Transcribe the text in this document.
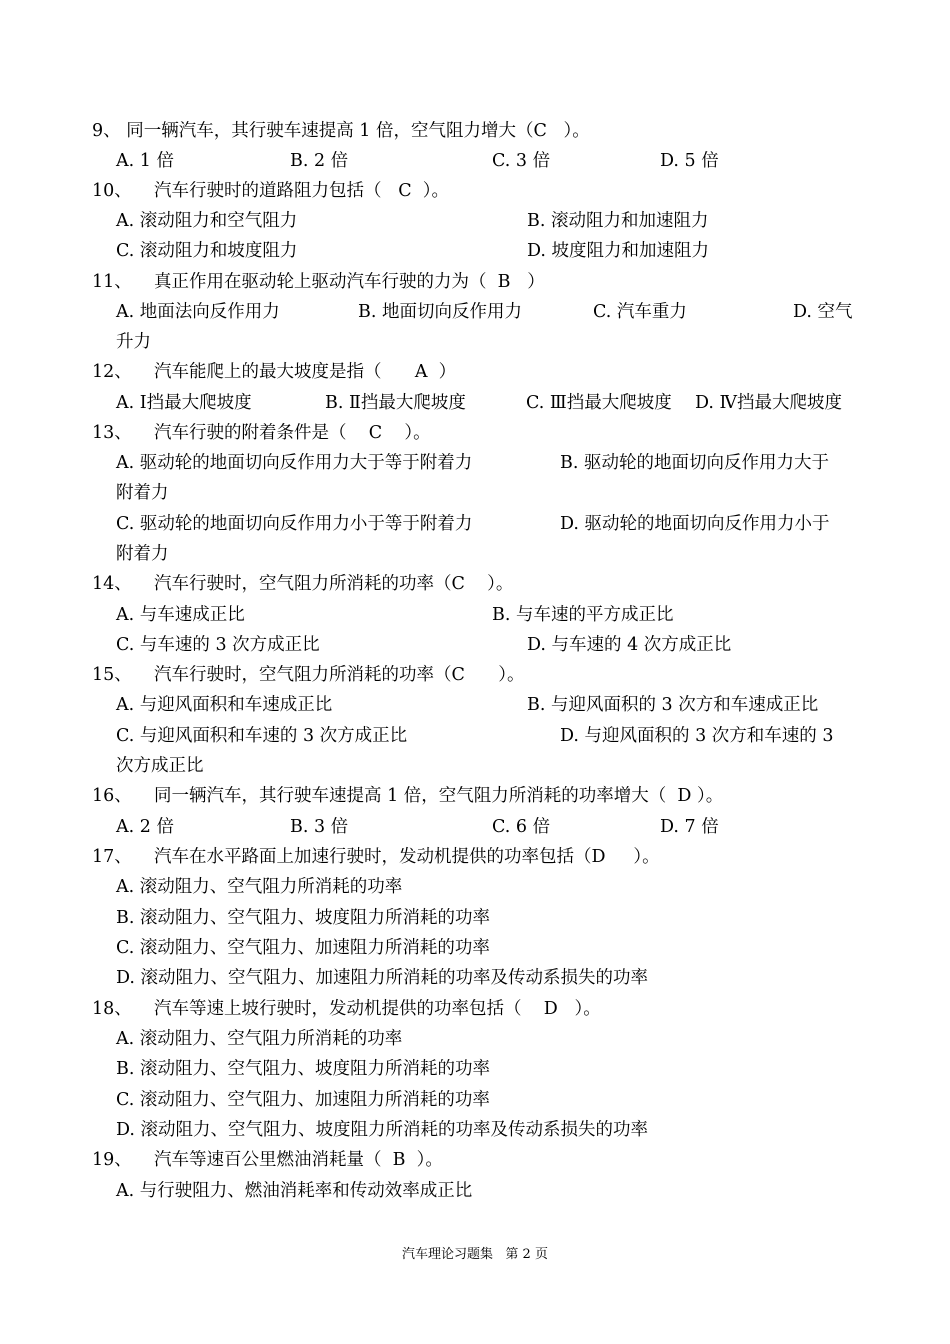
9、 同一辆汽车，其行驶车速提高 1 倍，空气阻力增大（C   ）。
A. 1 倍	B. 2 倍	C. 3 倍	D. 5 倍
10、    汽车行驶时的道路阻力包括（   C  ）。
A. 滚动阻力和空气阻力	B. 滚动阻力和加速阻力
C. 滚动阻力和坡度阻力	D. 坡度阻力和加速阻力
11、    真正作用在驱动轮上驱动汽车行驶的力为（  B   ）
A. 地面法向反作用力	B. 地面切向反作用力	C. 汽车重力	D. 空气
升力
12、    汽车能爬上的最大坡度是指（      A  ）
A. Ⅰ挡最大爬坡度	B. Ⅱ挡最大爬坡度	C. Ⅲ挡最大爬坡度 D. Ⅳ挡最大爬坡度
13、    汽车行驶的附着条件是（    C    ）。
A. 驱动轮的地面切向反作用力大于等于附着力	B. 驱动轮的地面切向反作用力大于
附着力
C. 驱动轮的地面切向反作用力小于等于附着力	D. 驱动轮的地面切向反作用力小于
附着力
14、    汽车行驶时，空气阻力所消耗的功率（C    ）。
A. 与车速成正比	B. 与车速的平方成正比
C. 与车速的 3 次方成正比	D. 与车速的 4 次方成正比
15、    汽车行驶时，空气阻力所消耗的功率（C      ）。
A. 与迎风面积和车速成正比	B. 与迎风面积的 3 次方和车速成正比
C. 与迎风面积和车速的 3 次方成正比	D. 与迎风面积的 3 次方和车速的 3
次方成正比
16、    同一辆汽车，其行驶车速提高 1 倍，空气阻力所消耗的功率增大（  D ）。
A. 2 倍	B. 3 倍	C. 6 倍	D. 7 倍
17、    汽车在水平路面上加速行驶时，发动机提供的功率包括（D     ）。
A. 滚动阻力、空气阻力所消耗的功率
B. 滚动阻力、空气阻力、坡度阻力所消耗的功率
C. 滚动阻力、空气阻力、加速阻力所消耗的功率
D. 滚动阻力、空气阻力、加速阻力所消耗的功率及传动系损失的功率
18、    汽车等速上坡行驶时，发动机提供的功率包括（    D   ）。
A. 滚动阻力、空气阻力所消耗的功率
B. 滚动阻力、空气阻力、坡度阻力所消耗的功率
C. 滚动阻力、空气阻力、加速阻力所消耗的功率
D. 滚动阻力、空气阻力、坡度阻力所消耗的功率及传动系损失的功率
19、    汽车等速百公里燃油消耗量（  B  ）。
A. 与行驶阻力、燃油消耗率和传动效率成正比
汽车理论习题集   第 2 页
